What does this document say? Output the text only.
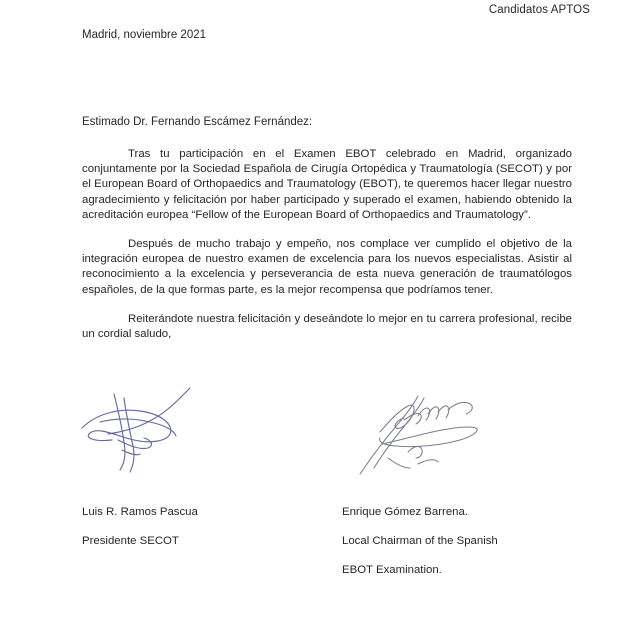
Candidatos APTOS
Madrid, noviembre 2021
Estimado Dr. Fernando Escámez Fernández:

Tras tu participación en el Examen EBOT celebrado en Madrid, organizado conjuntamente por la Sociedad Española de Cirugía Ortopédica y Traumatología (SECOT) y por el European Board of Orthopaedics and Traumatology (EBOT), te queremos hacer llegar nuestro agradecimiento y felicitación por haber participado y superado el examen, habiendo obtenido la acreditación europea “Fellow of the European Board of Orthopaedics and Traumatology”.

Después de mucho trabajo y empeño, nos complace ver cumplido el objetivo de la integración europea de nuestro examen de excelencia para los nuevos especialistas. Asistir al reconocimiento a la excelencia y perseverancia de esta nueva generación de traumatólogos españoles, de la que formas parte, es la mejor recompensa que podríamos tener.

Reiterándote nuestra felicitación y deseándote lo mejor en tu carrera profesional, recibe un cordial saludo,

Luis R. Ramos Pascua

Presidente SECOT

Enrique Gómez Barrena.

Local Chairman of the Spanish

EBOT Examination.
